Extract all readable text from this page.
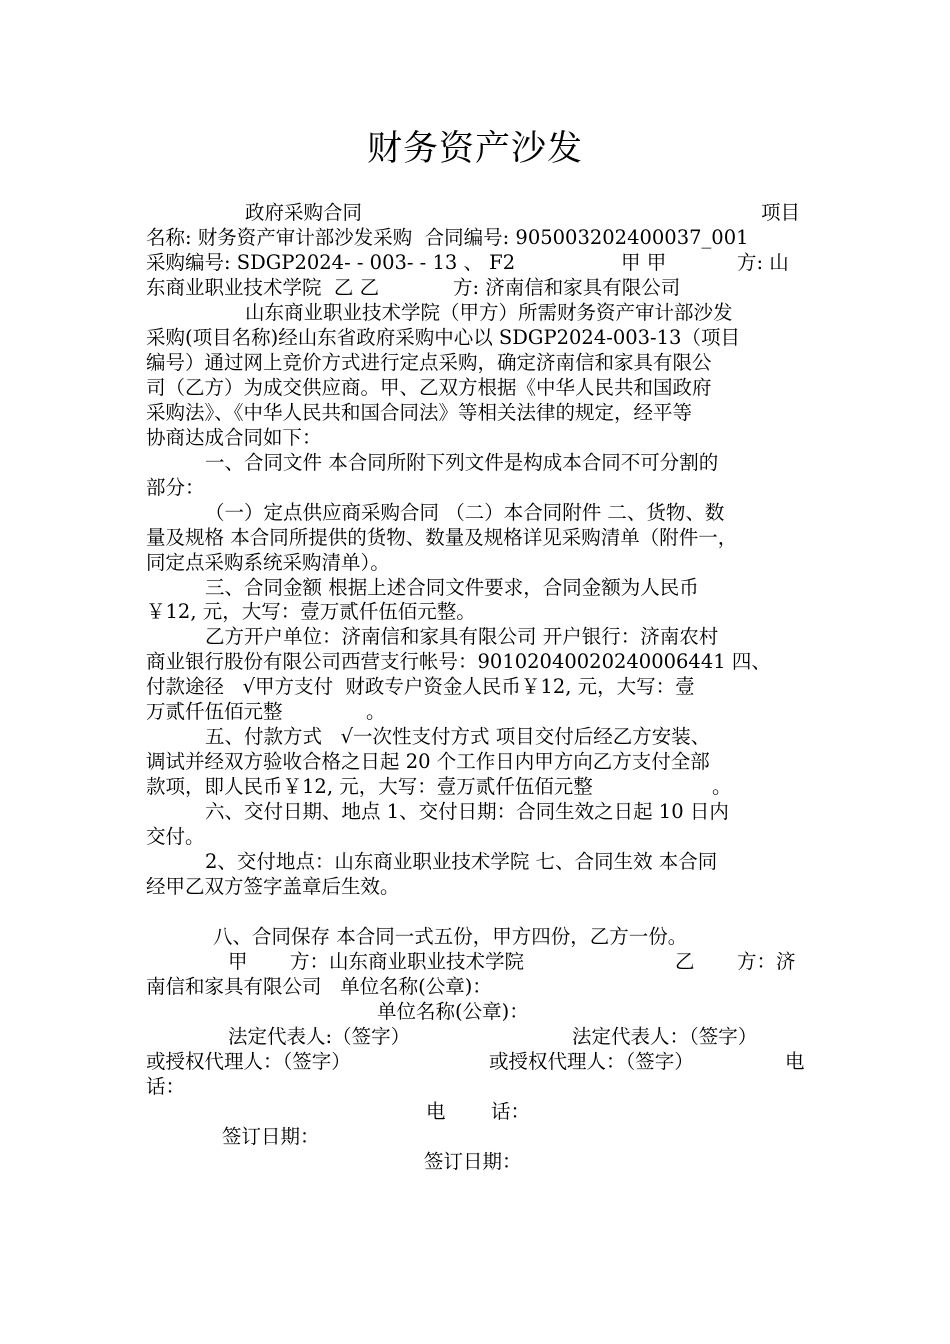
财务资产沙发
政府采购合同	项目
名称: 财务资产审计部沙发采购  合同编号: 905003202400037_001
采购编号: SDGP2024- - 003- - 13 、 F2	甲 甲	方: 山
东商业职业技术学院  乙 乙	方: 济南信和家具有限公司
山东商业职业技术学院（甲方）所需财务资产审计部沙发
采购(项目名称)经山东省政府采购中心以 SDGP2024-003-13（项目
编号）通过网上竞价方式进行定点采购，确定济南信和家具有限公
司（乙方）为成交供应商。甲、乙双方根据《中华人民共和国政府
采购法》、《中华人民共和国合同法》等相关法律的规定，经平等
协商达成合同如下：
一、合同文件 本合同所附下列文件是构成本合同不可分割的
部分：
（一）定点供应商采购合同 （二）本合同附件 二、货物、数
量及规格 本合同所提供的货物、数量及规格详见采购清单（附件一，
同定点采购系统采购清单）。
三、合同金额 根据上述合同文件要求，合同金额为人民币
￥12, 元，大写：壹万贰仟伍佰元整。
乙方开户单位：济南信和家具有限公司 开户银行：济南农村
商业银行股份有限公司西营支行帐号：90102040020240006441 四、
付款途径   √甲方支付  财政专户资金人民币￥12, 元，大写：壹
万贰仟伍佰元整	。
五、付款方式   √一次性支付方式 项目交付后经乙方安装、
调试并经双方验收合格之日起 20 个工作日内甲方向乙方支付全部
款项，即人民币￥12, 元，大写：壹万贰仟伍佰元整	。
六、交付日期、地点 1、交付日期：合同生效之日起 10 日内
交付。
2、交付地点：山东商业职业技术学院 七、合同生效 本合同
经甲乙双方签字盖章后生效。
八、合同保存 本合同一式五份，甲方四份，乙方一份。
甲 方：山东商业职业技术学院	乙 方：济
南信和家具有限公司   单位名称(公章)：
单位名称(公章)：
法定代表人:（签字）	法定代表人：（签字）
或授权代理人：（签字）	或授权代理人：（签字）	电
话：
电 话：
签订日期：
签订日期：
